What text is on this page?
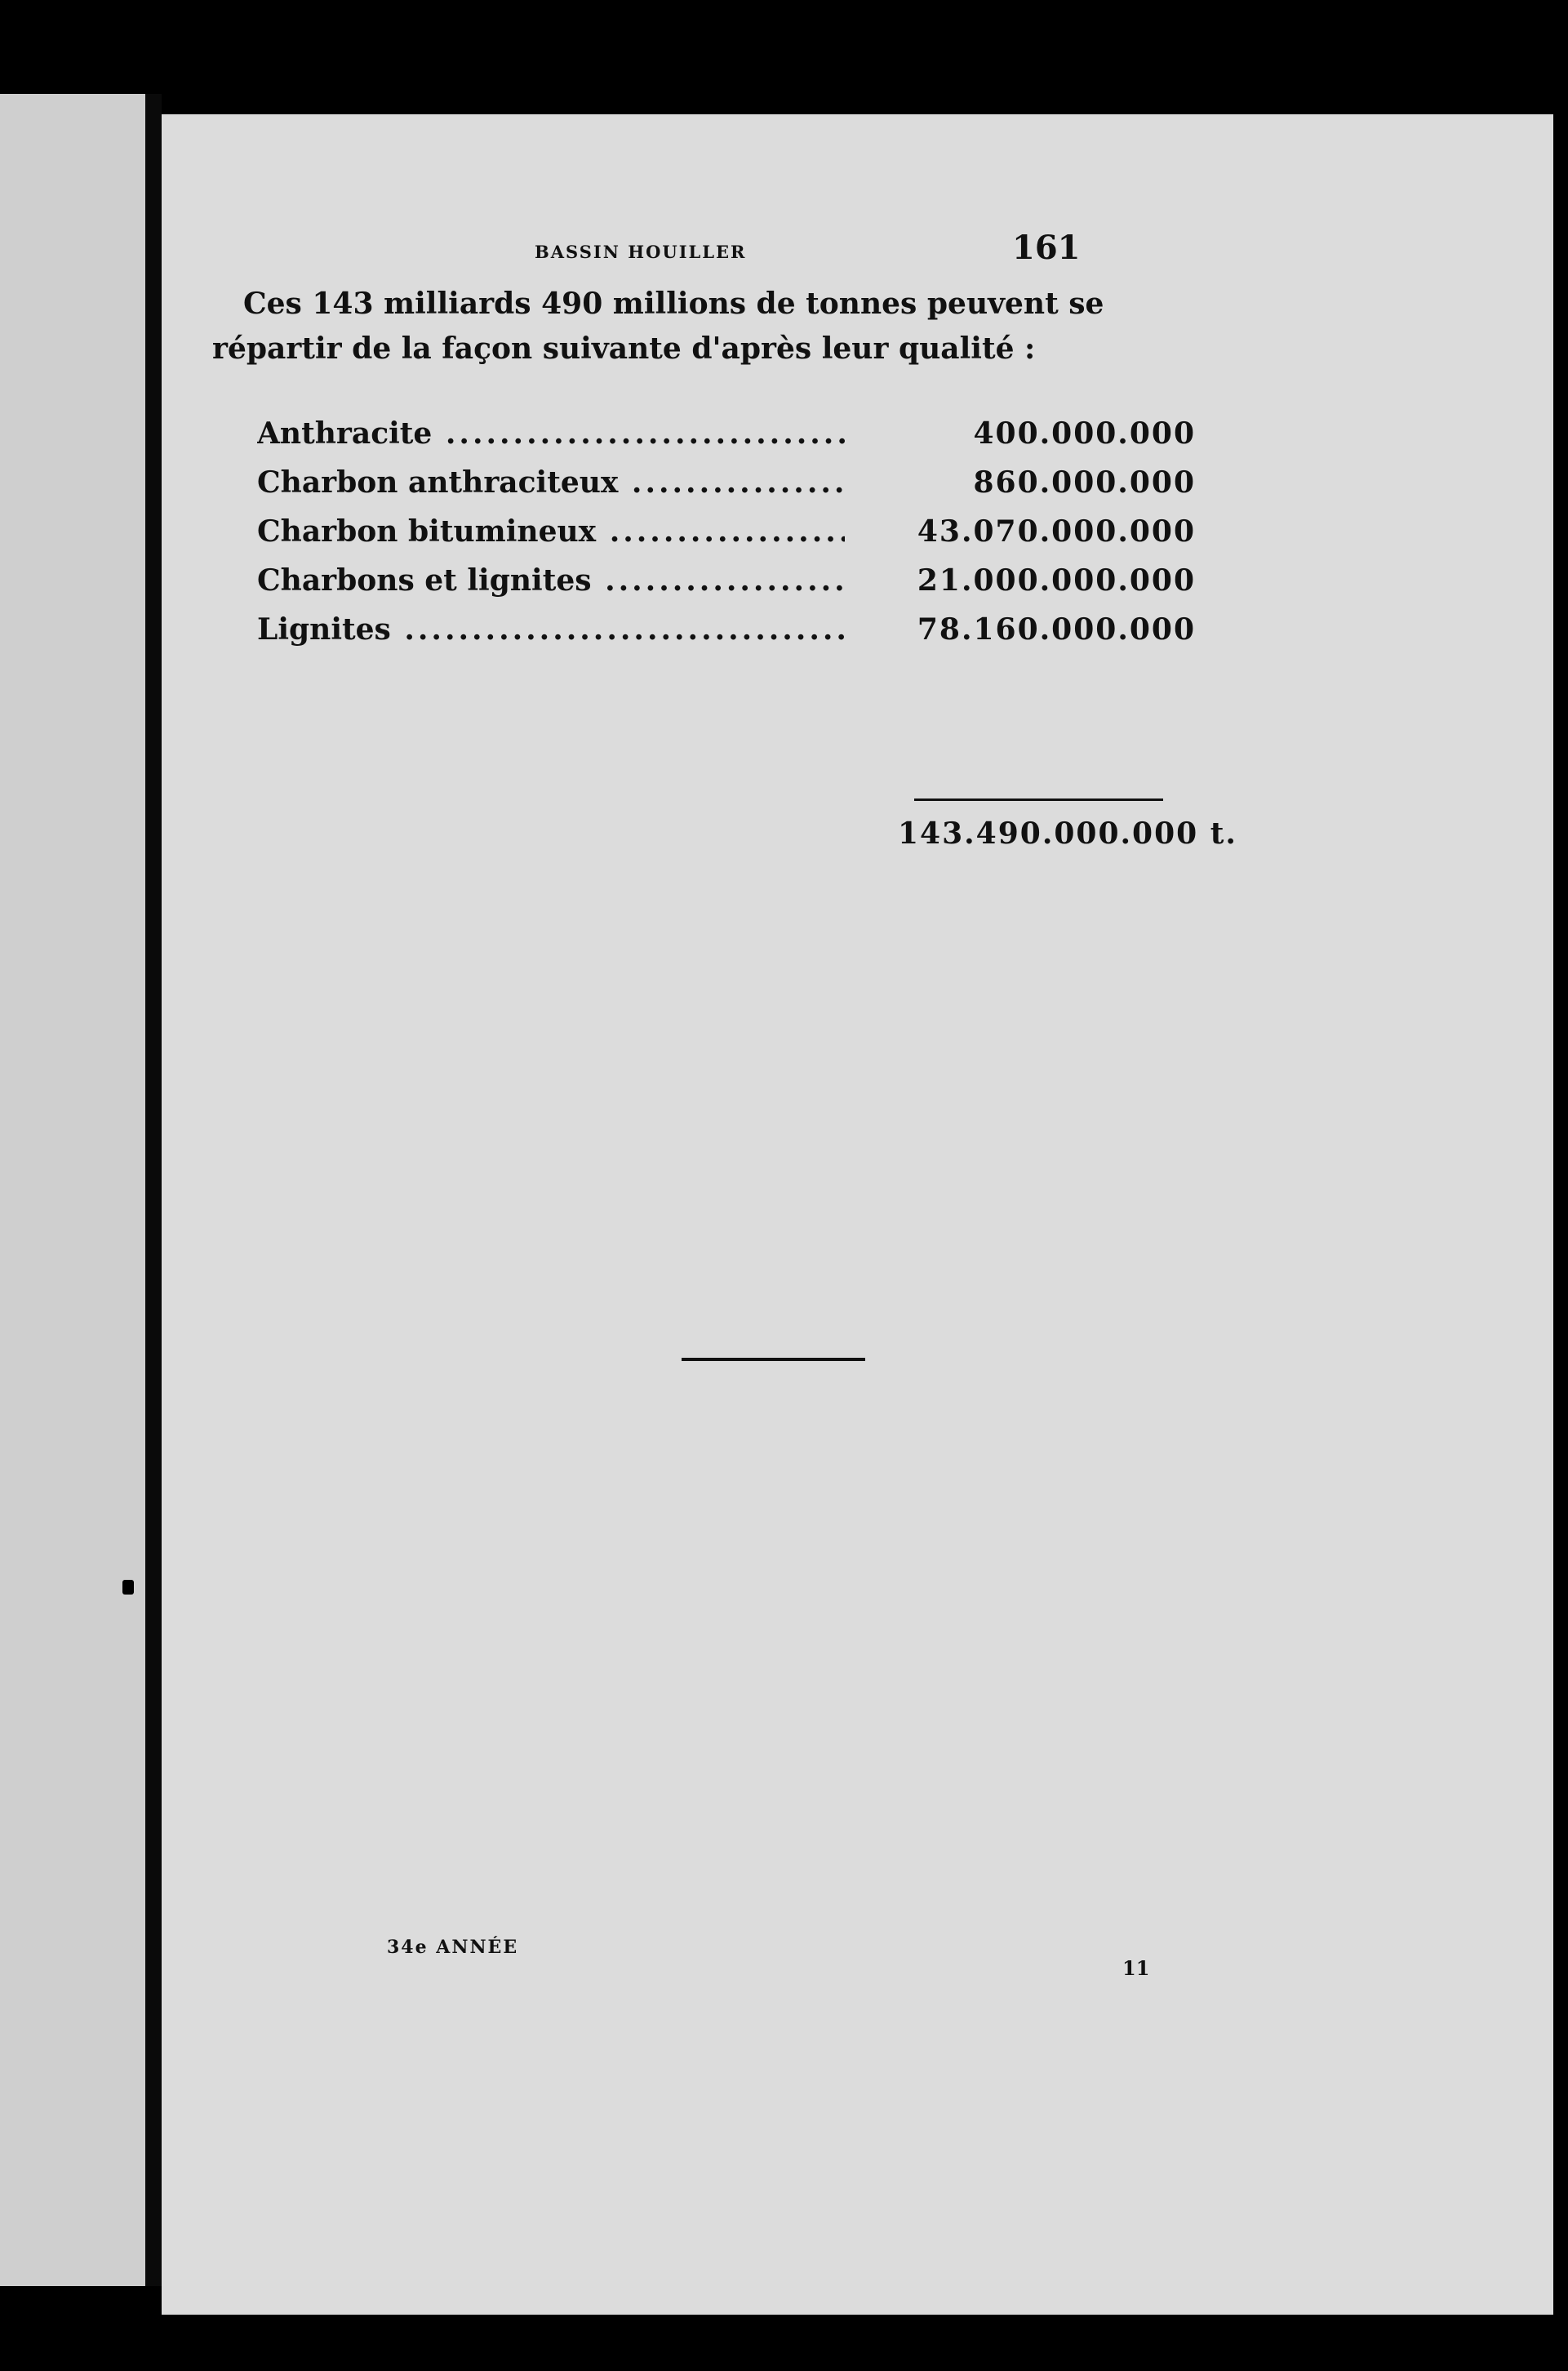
BASSIN HOUILLER	161

Ces 143 milliards 490 millions de tonnes peuvent se

répartir de la façon suivante d'après leur qualité :

Anthracite .....	400.000.000
Charbon anthraciteux .....	860.000.000
Charbon bitumineux .....	43.070.000.000
Charbons et lignites .....	21.000.000.000
Lignites .....	78.160.000.000
143.490.000.000 t.
34e ANNÉE
11
